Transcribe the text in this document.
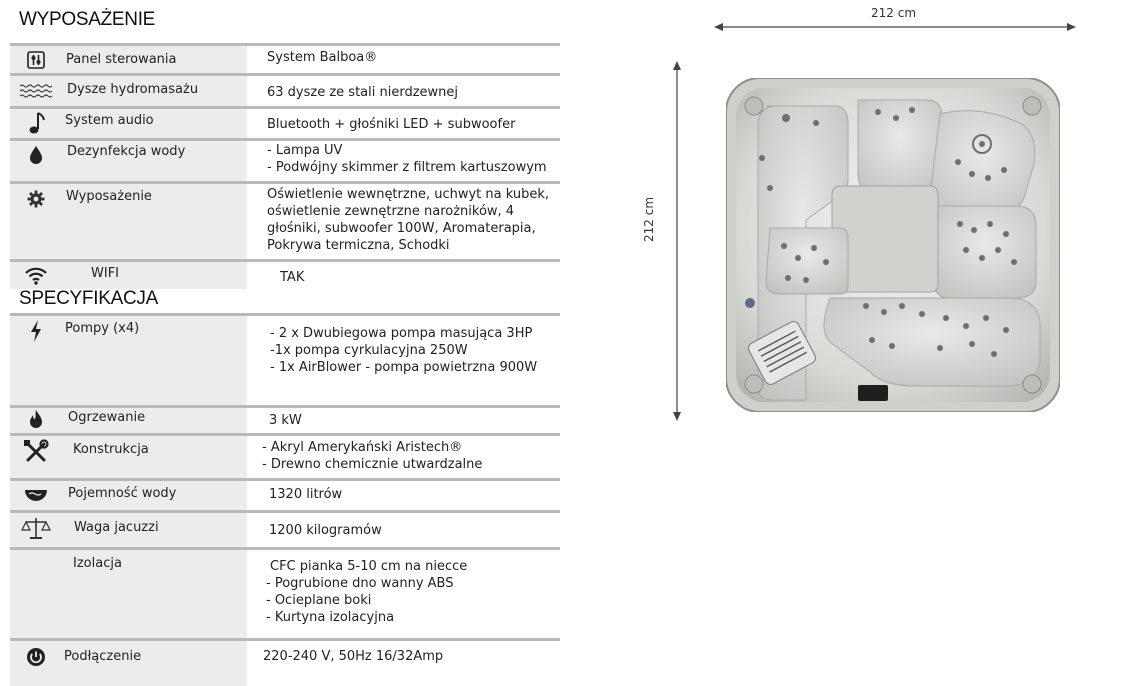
WYPOSAŻENIE
Panel sterowania	System Balboa®
Dysze hydromasażu	63 dysze ze stali nierdzewnej
System audio	Bluetooth + głośniki LED + subwoofer
Dezynfekcja wody	- Lampa UV
- Podwójny skimmer z filtrem kartuszowym
Wyposażenie	Oświetlenie wewnętrzne, uchwyt na kubek,
oświetlenie zewnętrzne narożników, 4
głośniki, subwoofer 100W, Aromaterapia,
Pokrywa termiczna, Schodki
WIFI	TAK
SPECYFIKACJA
Pompy (x4)	- 2 x Dwubiegowa pompa masująca 3HP
-1x pompa cyrkulacyjna 250W
- 1x AirBlower - pompa powietrzna 900W
Ogrzewanie	3 kW
Konstrukcja	- Akryl Amerykański Aristech®
- Drewno chemicznie utwardzalne
Pojemność wody	1320 litrów
Waga jacuzzi	1200 kilogramów
Izolacja	CFC pianka 5-10 cm na niecce
- Pogrubione dno wanny ABS
- Ocieplane boki
- Kurtyna izolacyjna
Podłączenie	220-240 V, 50Hz 16/32Amp
212 cm
212 cm
